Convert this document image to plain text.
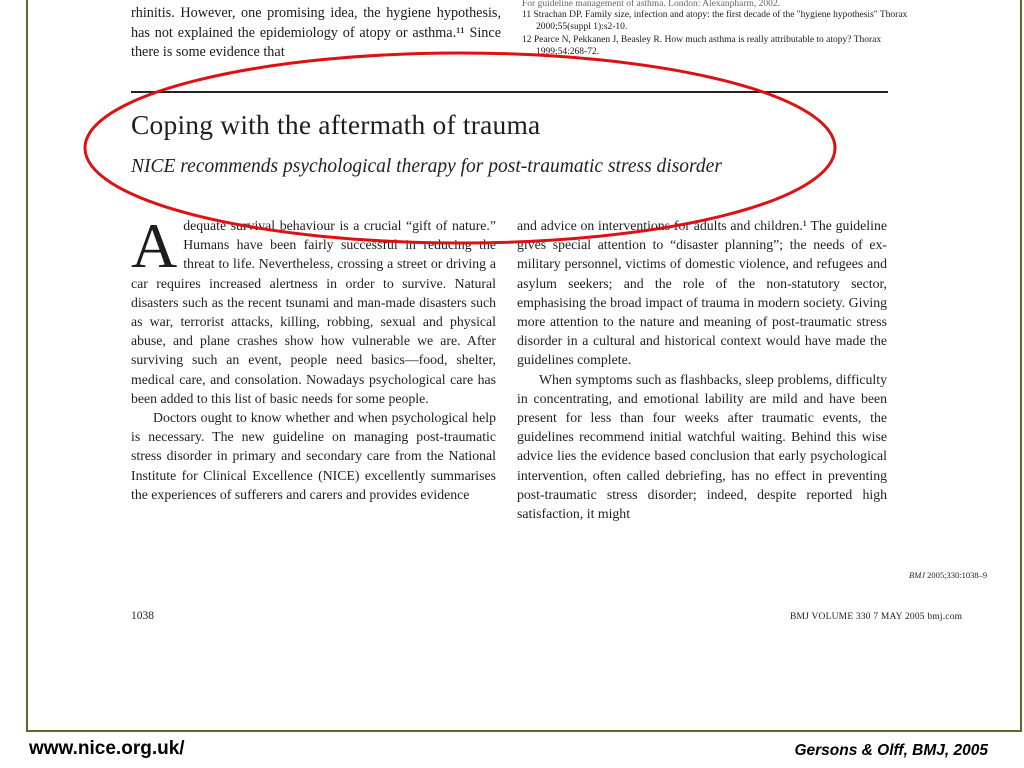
rhinitis. However, one promising idea, the hygiene hypothesis, has not explained the epidemiology of atopy or asthma.¹¹ Since there is some evidence that

For guideline management of asthma. London: Alexanpharm, 2002.

11 Strachan DP. Family size, infection and atopy: the first decade of the "hygiene hypothesis" Thorax 2000;55(suppl 1):s2-10.

12 Pearce N, Pekkanen J, Beasley R. How much asthma is really attributable to atopy? Thorax 1999;54:268-72.

Coping with the aftermath of trauma
NICE recommends psychological therapy for post-traumatic stress disorder

Adequate survival behaviour is a crucial “gift of nature.” Humans have been fairly successful in reducing the threat to life. Nevertheless, crossing a street or driving a car requires increased alertness in order to survive. Natural disasters such as the recent tsunami and man-made disasters such as war, terrorist attacks, killing, robbing, sexual and physical abuse, and plane crashes show how vulnerable we are. After surviving such an event, people need basics—food, shelter, medical care, and consolation. Nowadays psychological care has been added to this list of basic needs for some people.

Doctors ought to know whether and when psychological help is necessary. The new guideline on managing post-traumatic stress disorder in primary and secondary care from the National Institute for Clinical Excellence (NICE) excellently summarises the experiences of sufferers and carers and provides evidence

and advice on interventions for adults and children.¹ The guideline gives special attention to “disaster planning”; the needs of ex-military personnel, victims of domestic violence, and refugees and asylum seekers; and the role of the non-statutory sector, emphasising the broad impact of trauma in modern society. Giving more attention to the nature and meaning of post-traumatic stress disorder in a cultural and historical context would have made the guidelines complete.

When symptoms such as flashbacks, sleep problems, difficulty in concentrating, and emotional lability are mild and have been present for less than four weeks after traumatic events, the guidelines recommend initial watchful waiting. Behind this wise advice lies the evidence based conclusion that early psychological intervention, often called debriefing, has no effect in preventing post-traumatic stress disorder; indeed, despite reported high satisfaction, it might

BMJ 2005;330:1038–9
1038	BMJ VOLUME 330 7 MAY 2005 bmj.com
www.nice.org.uk/	Gersons & Olff, BMJ, 2005
